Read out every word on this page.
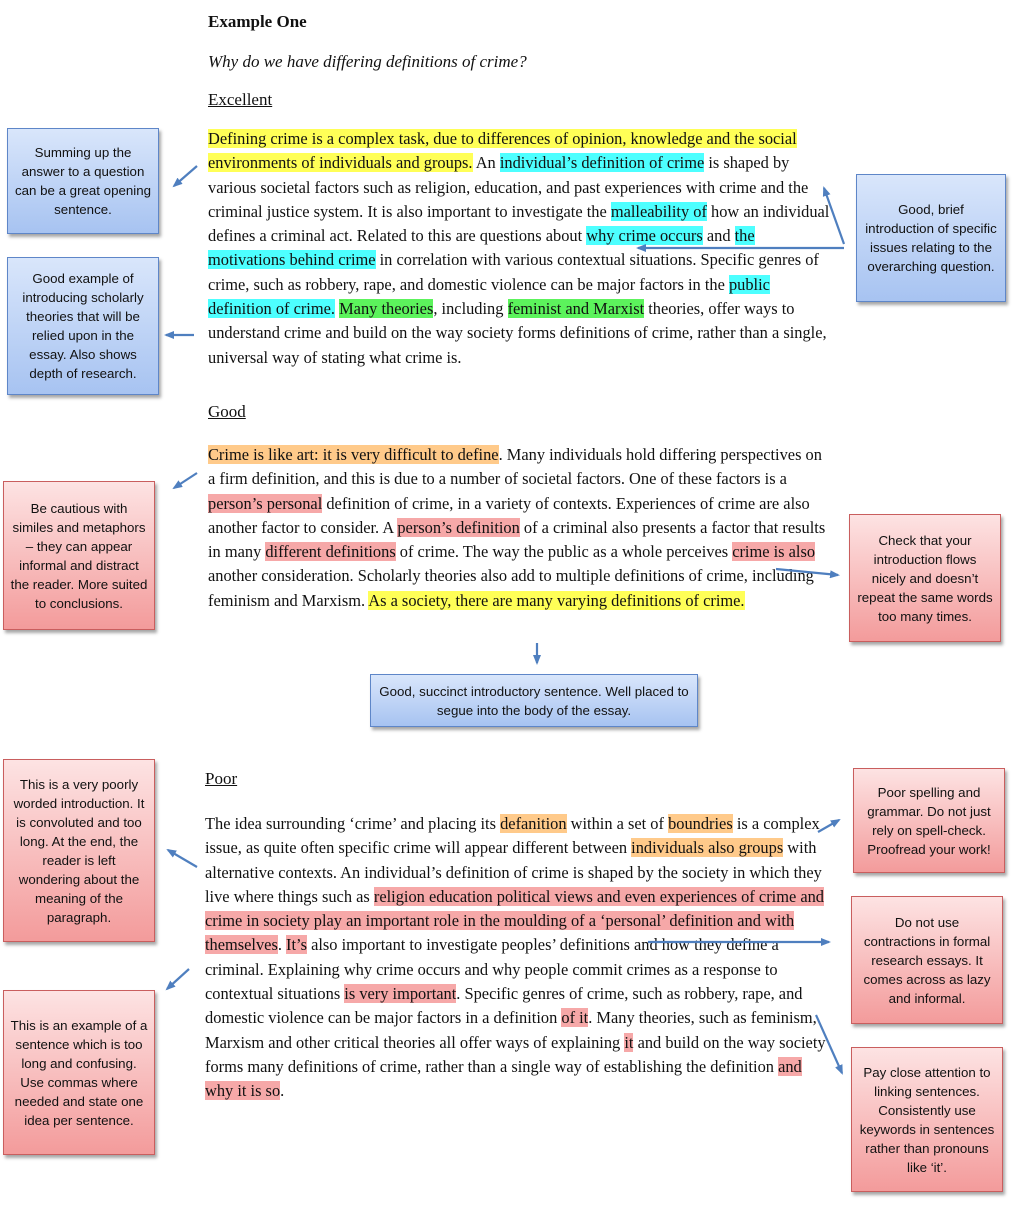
Example One
Why do we have differing definitions of crime?
Excellent
Defining crime is a complex task, due to differences of opinion, knowledge and the social environments of individuals and groups. An individual’s definition of crime is shaped by various societal factors such as religion, education, and past experiences with crime and the criminal justice system. It is also important to investigate the malleability of how an individual defines a criminal act. Related to this are questions about why crime occurs and the motivations behind crime in correlation with various contextual situations. Specific genres of crime, such as robbery, rape, and domestic violence can be major factors in the public definition of crime. Many theories, including feminist and Marxist theories, offer ways to understand crime and build on the way society forms definitions of crime, rather than a single, universal way of stating what crime is.
Good
Crime is like art: it is very difficult to define. Many individuals hold differing perspectives on a firm definition, and this is due to a number of societal factors. One of these factors is a person’s personal definition of crime, in a variety of contexts. Experiences of crime are also another factor to consider. A person’s definition of a criminal also presents a factor that results in many different definitions of crime. The way the public as a whole perceives crime is also another consideration. Scholarly theories also add to multiple definitions of crime, including feminism and Marxism. As a society, there are many varying definitions of crime.
Poor
The idea surrounding ‘crime’ and placing its defanition within a set of boundries is a complex issue, as quite often specific crime will appear different between individuals also groups with alternative contexts. An individual’s definition of crime is shaped by the society in which they live where things such as religion education political views and even experiences of crime and crime in society play an important role in the moulding of a ‘personal’ definition and with themselves. It’s also important to investigate peoples’ definitions and how they define a criminal. Explaining why crime occurs and why people commit crimes as a response to contextual situations is very important. Specific genres of crime, such as robbery, rape, and domestic violence can be major factors in a definition of it. Many theories, such as feminism, Marxism and other critical theories all offer ways of explaining it and build on the way society forms many definitions of crime, rather than a single way of establishing the definition and why it is so.
Summing up the answer to a question can be a great opening sentence.
Good example of introducing scholarly theories that will be relied upon in the essay. Also shows depth of research.
Good, brief introduction of specific issues relating to the overarching question.
Be cautious with similes and metaphors – they can appear informal and distract the reader. More suited to conclusions.
Check that your introduction flows nicely and doesn’t repeat the same words too many times.
Good, succinct introductory sentence. Well placed to segue into the body of the essay.
This is a very poorly worded introduction. It is convoluted and too long. At the end, the reader is left wondering about the meaning of the paragraph.
This is an example of a sentence which is too long and confusing. Use commas where needed and state one idea per sentence.
Poor spelling and grammar. Do not just rely on spell-check. Proofread your work!
Do not use contractions in formal research essays. It comes across as lazy and informal.
Pay close attention to linking sentences. Consistently use keywords in sentences rather than pronouns like ‘it’.
